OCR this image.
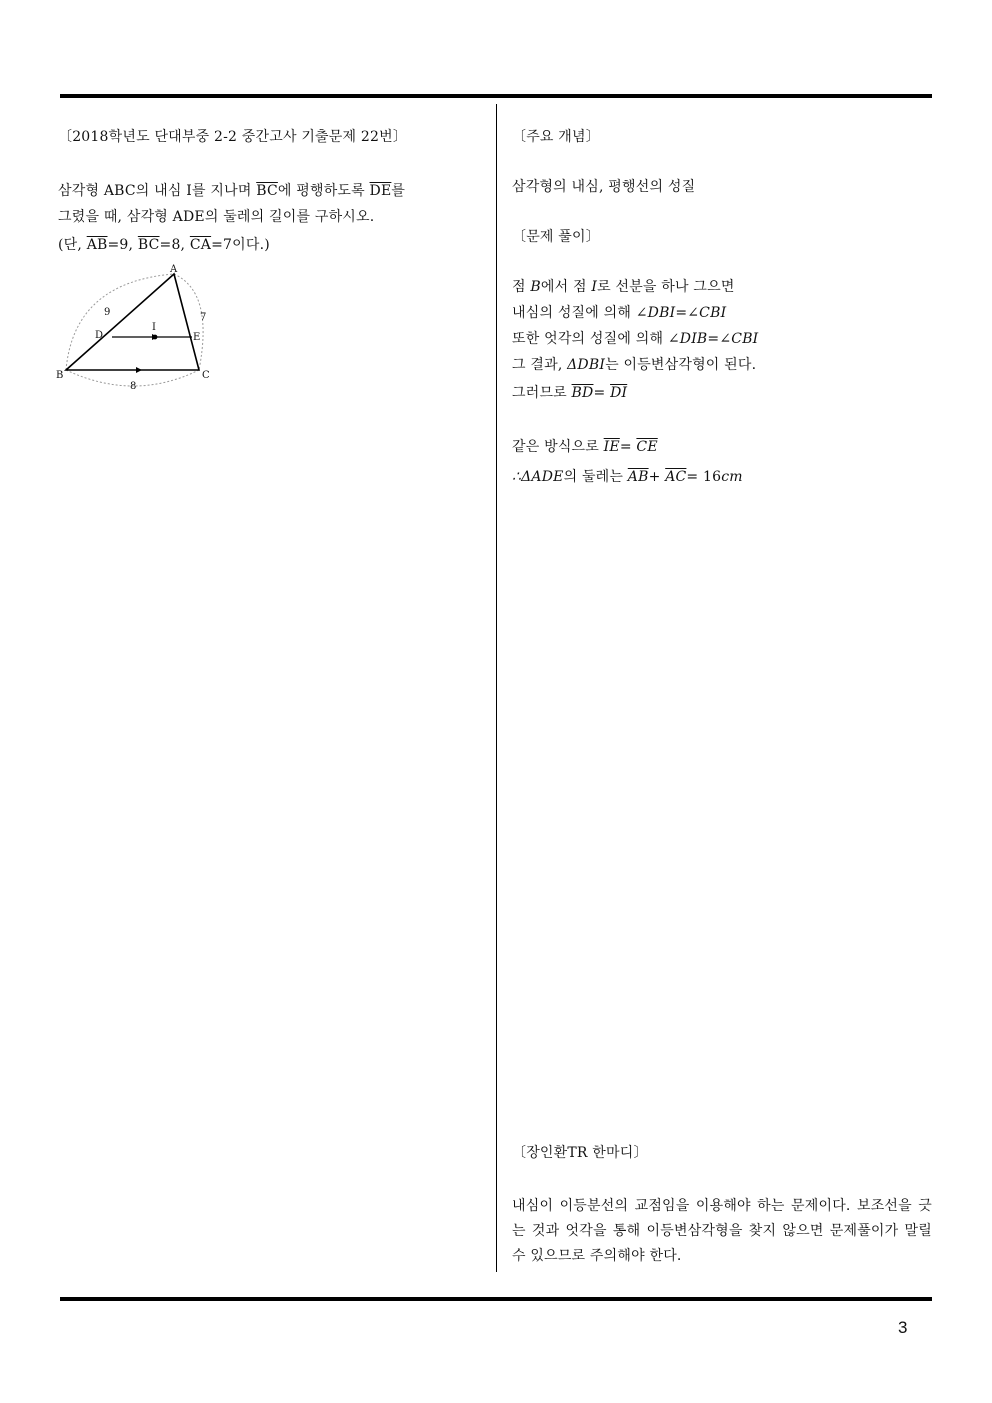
〔2018학년도 단대부중 2-2 중간고사 기출문제 22번〕
삼각형 ABC의 내심 I를 지나며 $\overline{BC}$에 평행하도록 $\overline{DE}$를
그렸을 때, 삼각형 ADE의 둘레의 길이를 구하시오.
(단, $\overline{AB}=9$, $\overline{BC}=8$, $\overline{CA}=7$이다.)
A
B	C
D	E
I
9	7
8
〔주요 개념〕
삼각형의 내심, 평행선의 성질
〔문제 풀이〕
점 B에서 점 I로 선분을 하나 그으면
내심의 성질에 의해 ∠DBI=∠CBI
또한 엇각의 성질에 의해 ∠DIB=∠CBI
그 결과, ΔDBI는 이등변삼각형이 된다.
그러므로 $\overline{BD}= \overline{DI}$
같은 방식으로 $\overline{IE}= \overline{CE}$
∴ΔADE의 둘레는 $\overline{AB}+ \overline{AC}= 16cm$
〔장인환TR 한마디〕
내심이 이등분선의 교점임을 이용해야 하는 문제이다. 보조선을 긋는 것과 엇각을 통해 이등변삼각형을 찾지 않으면 문제풀이가 말릴 수 있으므로 주의해야 한다.
3
